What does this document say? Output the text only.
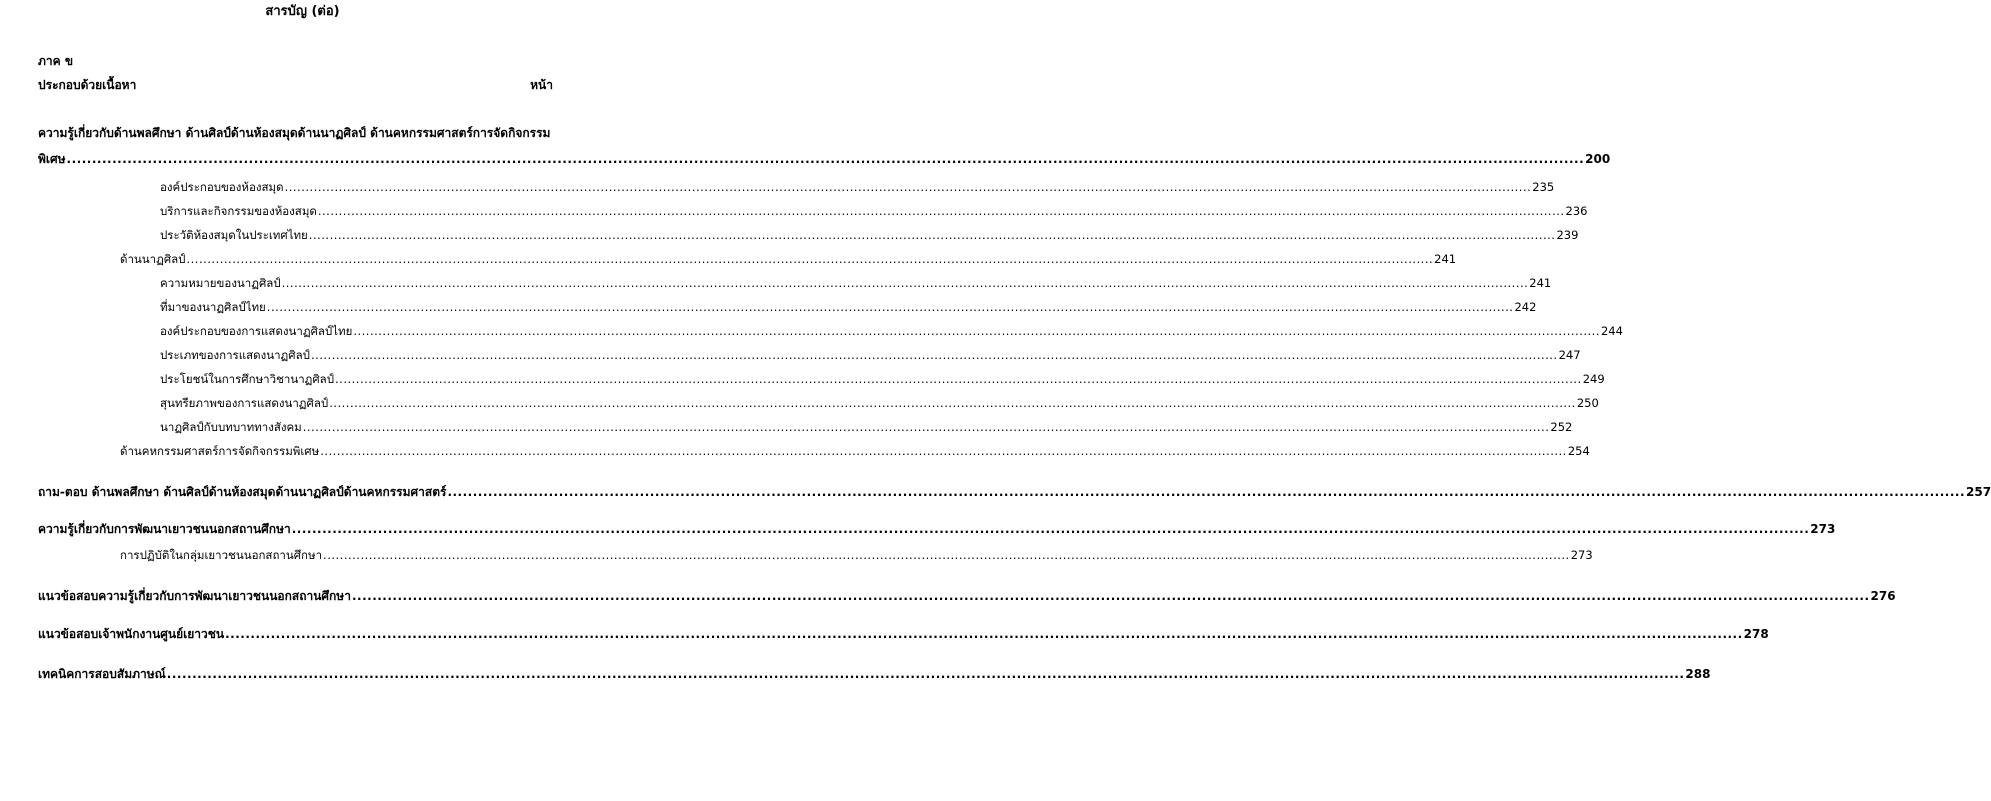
สารบัญ (ต่อ)
ภาค ข
ประกอบด้วยเนื้อหา	หน้า
ความรู้เกี่ยวกับด้านพลศึกษา ด้านศิลป์ด้านห้องสมุดด้านนาฏศิลป์ ด้านคหกรรมศาสตร์การจัดกิจกรรม
พิเศษ ............................................................................................................................................................................................................................................................................................................ 200
องค์ประกอบของห้องสมุด ............................................................................................................................................................................................................................................................................................................ 235
บริการและกิจกรรมของห้องสมุด ............................................................................................................................................................................................................................................................................................................ 236
ประวัติห้องสมุดในประเทศไทย ............................................................................................................................................................................................................................................................................................................ 239
ด้านนาฏศิลป์ ............................................................................................................................................................................................................................................................................................................ 241
ความหมายของนาฏศิลป์ ............................................................................................................................................................................................................................................................................................................ 241
ที่มาของนาฏศิลป์ไทย ............................................................................................................................................................................................................................................................................................................ 242
องค์ประกอบของการแสดงนาฏศิลป์ไทย ............................................................................................................................................................................................................................................................................................................ 244
ประเภทของการแสดงนาฏศิลป์ ............................................................................................................................................................................................................................................................................................................ 247
ประโยชน์ในการศึกษาวิชานาฏศิลป์ ............................................................................................................................................................................................................................................................................................................ 249
สุนทรียภาพของการแสดงนาฏศิลป์ ............................................................................................................................................................................................................................................................................................................ 250
นาฏศิลป์กับบทบาททางสังคม ............................................................................................................................................................................................................................................................................................................ 252
ด้านคหกรรมศาสตร์การจัดกิจกรรมพิเศษ ............................................................................................................................................................................................................................................................................................................ 254
ถาม-ตอบ ด้านพลศึกษา ด้านศิลป์ด้านห้องสมุดด้านนาฏศิลป์ด้านคหกรรมศาสตร์ ............................................................................................................................................................................................................................................................................................................ 257
ความรู้เกี่ยวกับการพัฒนาเยาวชนนอกสถานศึกษา ............................................................................................................................................................................................................................................................................................................ 273
การปฏิบัติในกลุ่มเยาวชนนอกสถานศึกษา ............................................................................................................................................................................................................................................................................................................ 273
แนวข้อสอบความรู้เกี่ยวกับการพัฒนาเยาวชนนอกสถานศึกษา ............................................................................................................................................................................................................................................................................................................ 276
แนวข้อสอบเจ้าพนักงานศูนย์เยาวชน ............................................................................................................................................................................................................................................................................................................ 278
เทคนิคการสอบสัมภาษณ์ ............................................................................................................................................................................................................................................................................................................ 288
